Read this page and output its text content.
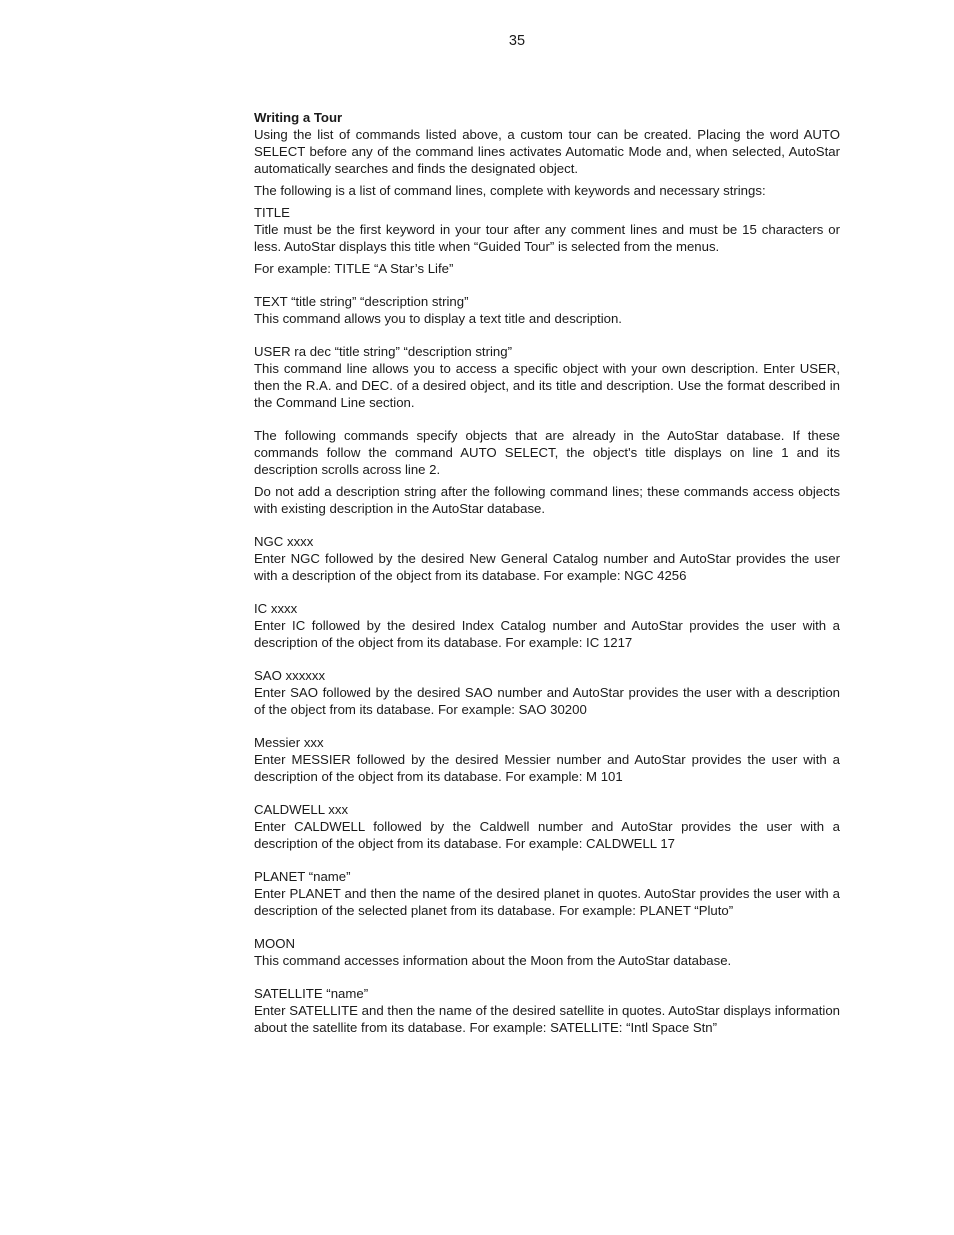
35

Writing a Tour

Using the list of commands listed above, a custom tour can be created. Placing the word AUTO SELECT before any of the command lines activates Automatic Mode and, when selected, AutoStar automatically searches and finds the designated object.

The following is a list of command lines, complete with keywords and necessary strings:

TITLE

Title must be the first keyword in your tour after any comment lines and must be 15 characters or less. AutoStar displays this title when “Guided Tour” is selected from the menus.

For example: TITLE “A Star’s Life”

TEXT “title string” “description string”

This command allows you to display a text title and description.

USER ra dec “title string” “description string”

This command line allows you to access a specific object with your own description. Enter USER, then the R.A. and DEC. of a desired object, and its title and description. Use the format described in the Command Line section.

The following commands specify objects that are already in the AutoStar database. If these commands follow the command AUTO SELECT, the object's title displays on line 1 and its description scrolls across line 2.

Do not add a description string after the following command lines; these commands access objects with existing description in the AutoStar database.

NGC xxxx

Enter NGC followed by the desired New General Catalog number and AutoStar provides the user with a description of the object from its database. For example: NGC 4256

IC xxxx

Enter IC followed by the desired Index Catalog number and AutoStar provides the user with a description of the object from its database. For example: IC 1217

SAO xxxxxx

Enter SAO followed by the desired SAO number and AutoStar provides the user with a description of the object from its database. For example: SAO 30200

Messier xxx

Enter MESSIER followed by the desired Messier number and AutoStar provides the user with a description of the object from its database. For example: M 101

CALDWELL xxx

Enter CALDWELL followed by the Caldwell number and AutoStar provides the user with a description of the object from its database. For example: CALDWELL 17

PLANET “name”

Enter PLANET and then the name of the desired planet in quotes. AutoStar provides the user with a description of the selected planet from its database. For example: PLANET “Pluto”

MOON

This command accesses information about the Moon from the AutoStar database.

SATELLITE “name”

Enter SATELLITE and then the name of the desired satellite in quotes. AutoStar displays information about the satellite from its database. For example: SATELLITE: “Intl Space Stn”
